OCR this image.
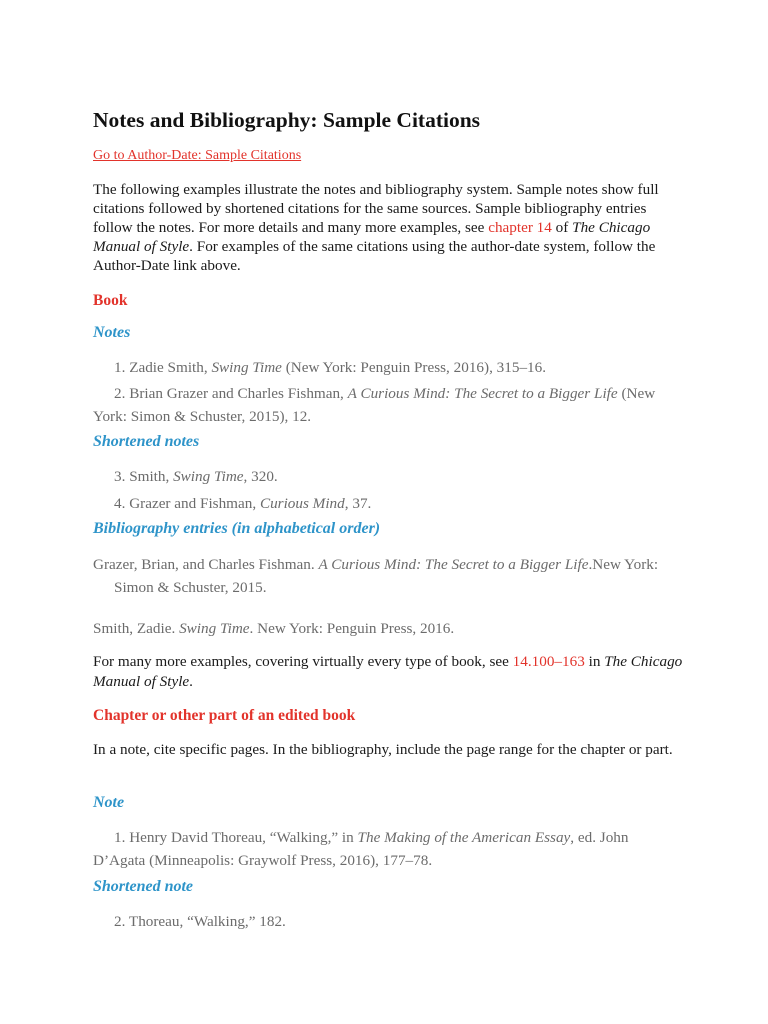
Notes and Bibliography: Sample Citations
Go to Author-Date: Sample Citations

The following examples illustrate the notes and bibliography system. Sample notes show full citations followed by shortened citations for the same sources. Sample bibliography entries follow the notes. For more details and many more examples, see chapter 14 of The Chicago Manual of Style. For examples of the same citations using the author-date system, follow the Author-Date link above.

Book
Notes

1. Zadie Smith, Swing Time (New York: Penguin Press, 2016), 315–16.

2. Brian Grazer and Charles Fishman, A Curious Mind: The Secret to a Bigger Life (New York: Simon & Schuster, 2015), 12.

Shortened notes

3. Smith, Swing Time, 320.

4. Grazer and Fishman, Curious Mind, 37.

Bibliography entries (in alphabetical order)

Grazer, Brian, and Charles Fishman. A Curious Mind: The Secret to a Bigger Life.New York: Simon & Schuster, 2015.

Smith, Zadie. Swing Time. New York: Penguin Press, 2016.

For many more examples, covering virtually every type of book, see 14.100–163 in The Chicago Manual of Style.

Chapter or other part of an edited book

In a note, cite specific pages. In the bibliography, include the page range for the chapter or part.

Note

1. Henry David Thoreau, “Walking,” in The Making of the American Essay, ed. John D’Agata (Minneapolis: Graywolf Press, 2016), 177–78.

Shortened note

2. Thoreau, “Walking,” 182.
